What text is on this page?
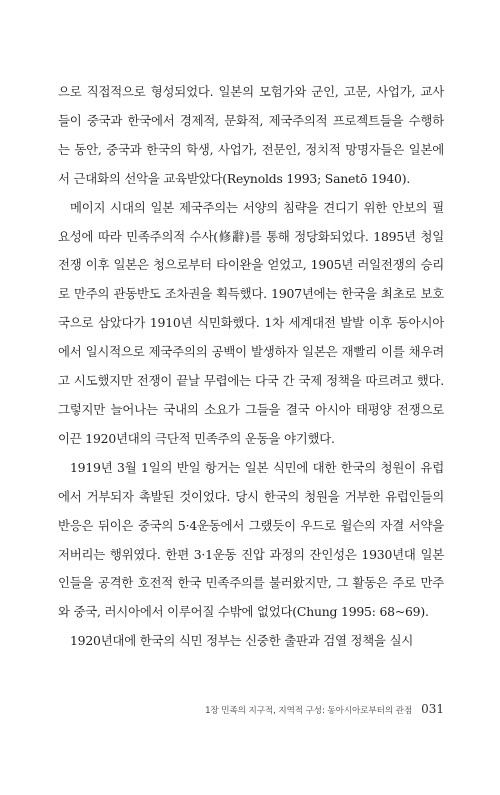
으로 직접적으로 형성되었다. 일본의 모험가와 군인, 고문, 사업가, 교사들이 중국과 한국에서 경제적, 문화적, 제국주의적 프로젝트들을 수행하는 동안, 중국과 한국의 학생, 사업가, 전문인, 정치적 망명자들은 일본에서 근대화의 선악을 교육받았다(Reynolds 1993; Sanetō 1940).

메이지 시대의 일본 제국주의는 서양의 침략을 견디기 위한 안보의 필요성에 따라 민족주의적 수사(修辭)를 통해 정당화되었다. 1895년 청일전쟁 이후 일본은 청으로부터 타이완을 얻었고, 1905년 러일전쟁의 승리로 만주의 관동반도 조차권을 획득했다. 1907년에는 한국을 최초로 보호국으로 삼았다가 1910년 식민화했다. 1차 세계대전 발발 이후 동아시아에서 일시적으로 제국주의의 공백이 발생하자 일본은 재빨리 이를 채우려고 시도했지만 전쟁이 끝날 무렵에는 다국 간 국제 정책을 따르려고 했다. 그렇지만 늘어나는 국내의 소요가 그들을 결국 아시아 태평양 전쟁으로 이끈 1920년대의 극단적 민족주의 운동을 야기했다.

1919년 3월 1일의 반일 항거는 일본 식민에 대한 한국의 청원이 유럽에서 거부되자 촉발된 것이었다. 당시 한국의 청원을 거부한 유럽인들의 반응은 뒤이은 중국의 5·4운동에서 그랬듯이 우드로 윌슨의 자결 서약을 저버리는 행위였다. 한편 3·1운동 진압 과정의 잔인성은 1930년대 일본인들을 공격한 호전적 한국 민족주의를 불러왔지만, 그 활동은 주로 만주와 중국, 러시아에서 이루어질 수밖에 없었다(Chung 1995: 68~69).

1920년대에 한국의 식민 정부는 신중한 출판과 검열 정책을 실시

1장 민족의 지구적, 지역적 구성: 동아시아로부터의 관점 031
